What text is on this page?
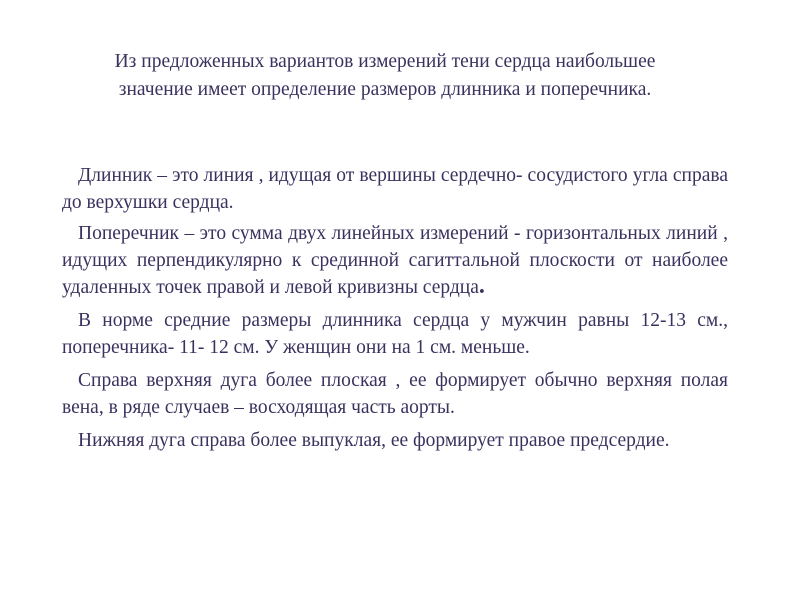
Из предложенных вариантов измерений тени сердца наибольшее
значение имеет определение размеров длинника и поперечника.

Длинник – это линия , идущая от вершины сердечно- сосудистого угла справа до верхушки сердца.

Поперечник – это сумма двух линейных измерений - горизонтальных линий , идущих перпендикулярно к срединной сагиттальной плоскости от наиболее удаленных точек правой и левой кривизны сердца.

В норме средние размеры длинника сердца у мужчин равны 12-13 см., поперечника- 11- 12 см. У женщин они на 1 см. меньше.

Справа верхняя дуга более плоская , ее формирует обычно верхняя полая вена, в ряде случаев – восходящая часть аорты.

Нижняя дуга справа более выпуклая, ее формирует правое предсердие.
